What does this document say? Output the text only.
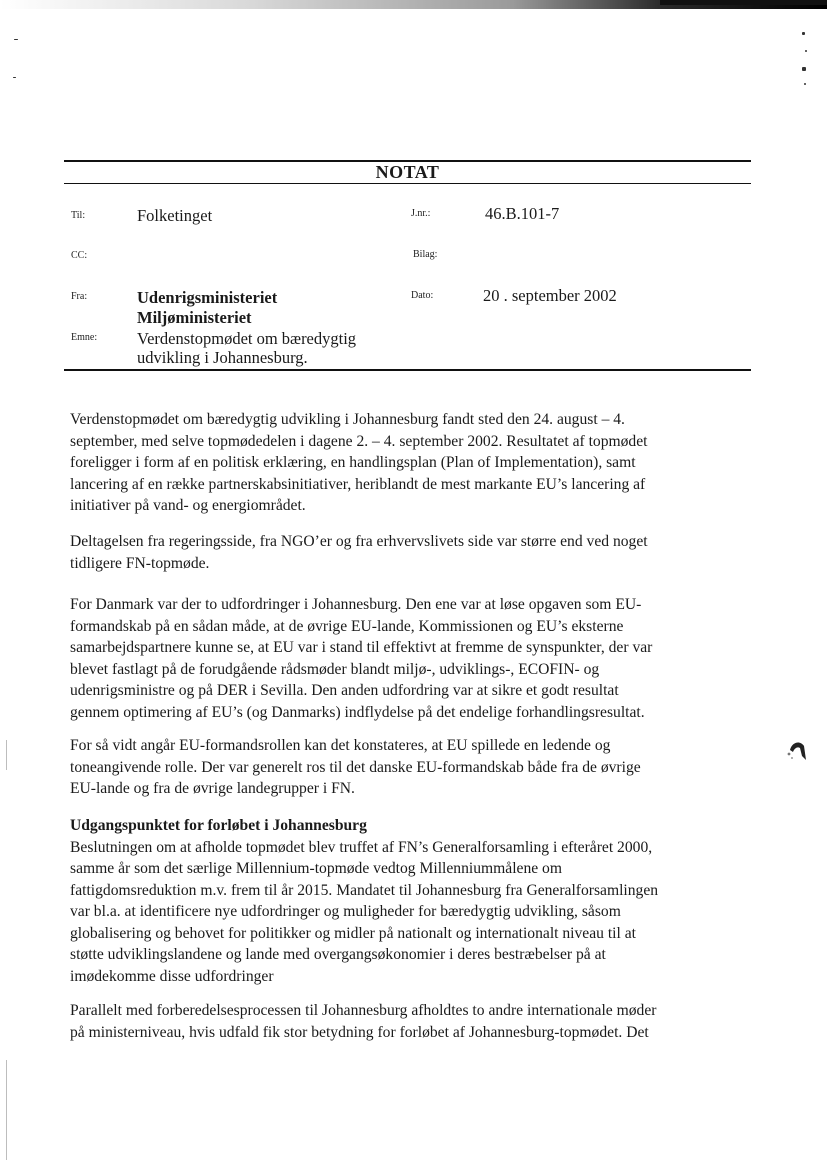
NOTAT
Til:	Folketinget	J.nr.:	46.B.101-7
CC:	Bilag:
Fra:	Udenrigsministeriet
Miljøministeriet
Dato:	20 . september 2002
Emne: Verdenstopmødet om bæredygtig
udvikling i Johannesburg.

Verdenstopmødet om bæredygtig udvikling i Johannesburg fandt sted den 24. august – 4.

september, med selve topmødedelen i dagene 2. – 4. september 2002. Resultatet af topmødet

foreligger i form af en politisk erklæring, en handlingsplan (Plan of Implementation), samt

lancering af en række partnerskabsinitiativer, heriblandt de mest markante EU’s lancering af

initiativer på vand- og energiområdet.

Deltagelsen fra regeringsside, fra NGO’er og fra erhvervslivets side var større end ved noget

tidligere FN-topmøde.

For Danmark var der to udfordringer i Johannesburg. Den ene var at løse opgaven som EU-

formandskab på en sådan måde, at de øvrige EU-lande, Kommissionen og EU’s eksterne

samarbejdspartnere kunne se, at EU var i stand til effektivt at fremme de synspunkter, der var

blevet fastlagt på de forudgående rådsmøder blandt miljø-, udviklings-, ECOFIN- og

udenrigsministre og på DER i Sevilla. Den anden udfordring var at sikre et godt resultat

gennem optimering af EU’s (og Danmarks) indflydelse på det endelige forhandlingsresultat.

For så vidt angår EU-formandsrollen kan det konstateres, at EU spillede en ledende og

toneangivende rolle. Der var generelt ros til det danske EU-formandskab både fra de øvrige

EU-lande og fra de øvrige landegrupper i FN.

Udgangspunktet for forløbet i Johannesburg

Beslutningen om at afholde topmødet blev truffet af FN’s Generalforsamling i efteråret 2000,

samme år som det særlige Millennium-topmøde vedtog Millenniummålene om

fattigdomsreduktion m.v. frem til år 2015. Mandatet til Johannesburg fra Generalforsamlingen

var bl.a. at identificere nye udfordringer og muligheder for bæredygtig udvikling, såsom

globalisering og behovet for politikker og midler på nationalt og internationalt niveau til at

støtte udviklingslandene og lande med overgangsøkonomier i deres bestræbelser på at

imødekomme disse udfordringer

Parallelt med forberedelsesprocessen til Johannesburg afholdtes to andre internationale møder

på ministerniveau, hvis udfald fik stor betydning for forløbet af Johannesburg-topmødet. Det
